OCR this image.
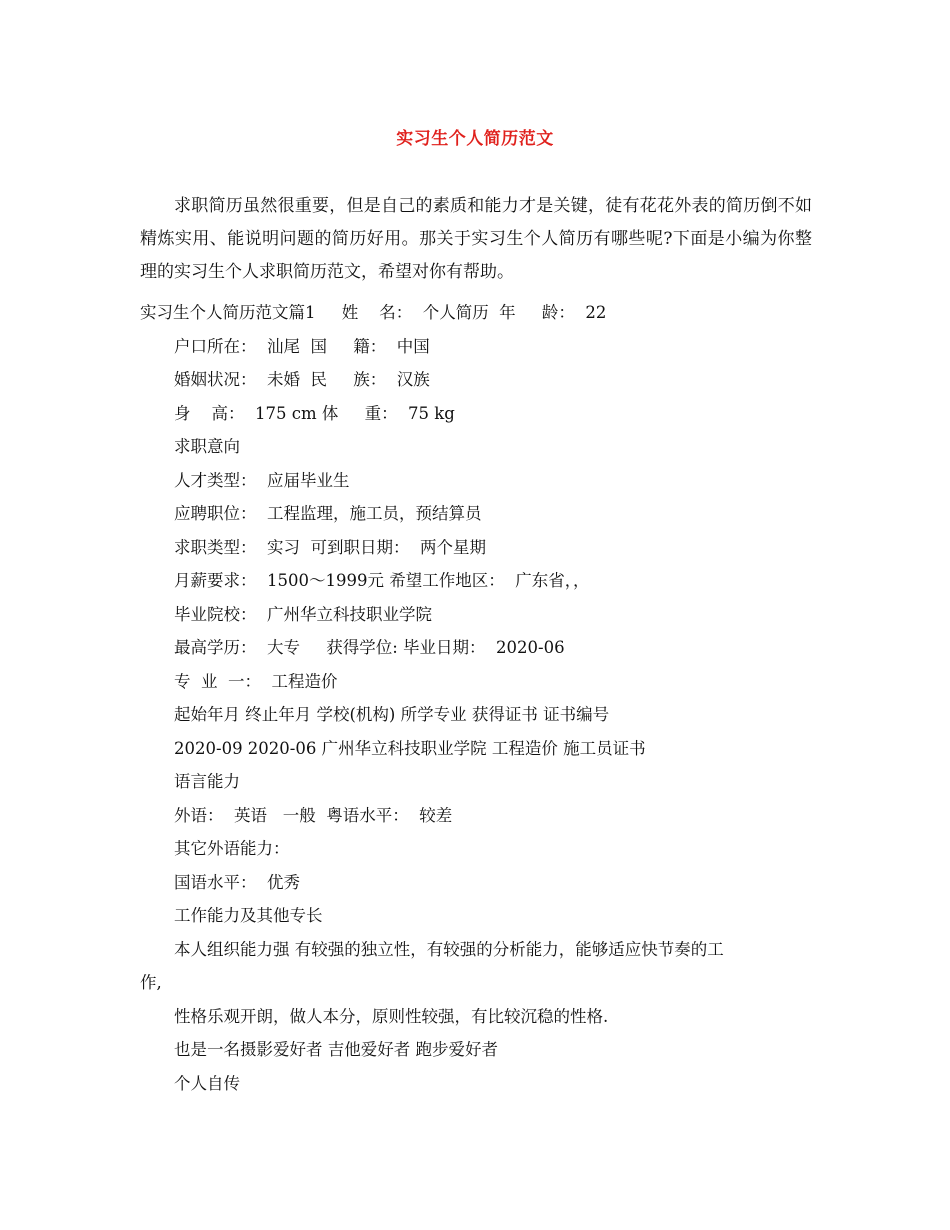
实习生个人简历范文

求职简历虽然很重要，但是自己的素质和能力才是关键，徒有花花外表的简历倒不如精炼实用、能说明问题的简历好用。那关于实习生个人简历有哪些呢?下面是小编为你整理的实习生个人求职简历范文，希望对你有帮助。

实习生个人简历范文篇1     姓    名：  个人简历  年     龄：  22
户口所在：  汕尾  国     籍：  中国
婚姻状况：  未婚  民     族：  汉族
身    高：  175 cm 体     重：  75 kg
求职意向
人才类型：  应届毕业生
应聘职位：  工程监理，施工员，预结算员
求职类型：  实习  可到职日期：  两个星期
月薪要求：  1500～1999元 希望工作地区：  广东省，，
毕业院校：  广州华立科技职业学院
最高学历：  大专     获得学位: 毕业日期：  2020-06
专  业  一：  工程造价
起始年月 终止年月 学校(机构) 所学专业 获得证书 证书编号
2020-09 2020-06 广州华立科技职业学院 工程造价 施工员证书
语言能力
外语：  英语   一般  粤语水平：  较差
其它外语能力：
国语水平：  优秀
工作能力及其他专长
本人组织能力强 有较强的独立性，有较强的分析能力，能够适应快节奏的工
作,
性格乐观开朗，做人本分，原则性较强，有比较沉稳的性格.
也是一名摄影爱好者 吉他爱好者 跑步爱好者
个人自传
